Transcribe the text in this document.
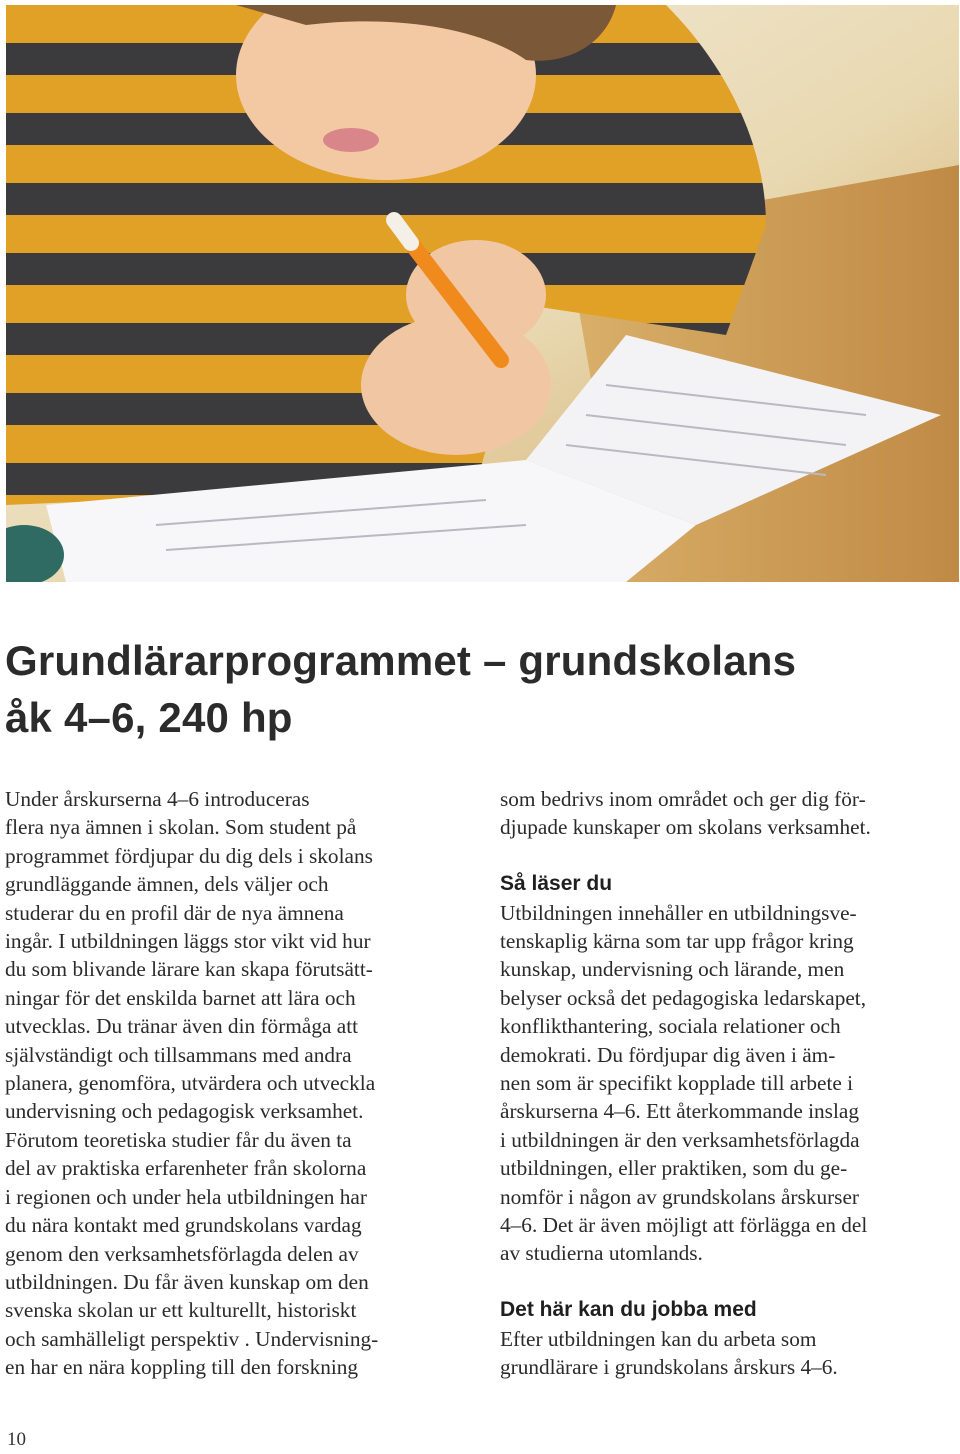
Grundlärarprogrammet – grundskolans
åk 4–6, 240 hp

Under årskurserna 4–6 introduceras

flera nya ämnen i skolan. Som student på

programmet fördjupar du dig dels i skolans

grundläggande ämnen, dels väljer och

studerar du en profil där de nya ämnena

ingår. I utbildningen läggs stor vikt vid hur

du som blivande lärare kan skapa förutsätt-

ningar för det enskilda barnet att lära och

utvecklas. Du tränar även din förmåga att

självständigt och tillsammans med andra

planera, genomföra, utvärdera och utveckla

undervisning och pedagogisk verksamhet.

Förutom teoretiska studier får du även ta

del av praktiska erfarenheter från skolorna

i regionen och under hela utbildningen har

du nära kontakt med grundskolans vardag

genom den verksamhetsförlagda delen av

utbildningen. Du får även kunskap om den

svenska skolan ur ett kulturellt, historiskt

och samhälleligt perspektiv . Undervisning-

en har en nära koppling till den forskning

som bedrivs inom området och ger dig för-

djupade kunskaper om skolans verksamhet.

Så läser du

Utbildningen innehåller en utbildningsve-

tenskaplig kärna som tar upp frågor kring

kunskap, undervisning och lärande, men

belyser också det pedagogiska ledarskapet,

konflikthantering, sociala relationer och

demokrati. Du fördjupar dig även i äm-

nen som är specifikt kopplade till arbete i

årskurserna 4–6. Ett återkommande inslag

i utbildningen är den verksamhetsförlagda

utbildningen, eller praktiken, som du ge-

nomför i någon av grundskolans årskurser

4–6. Det är även möjligt att förlägga en del

av studierna utomlands.

Det här kan du jobba med

Efter utbildningen kan du arbeta som

grundlärare i grundskolans årskurs 4–6.

10
